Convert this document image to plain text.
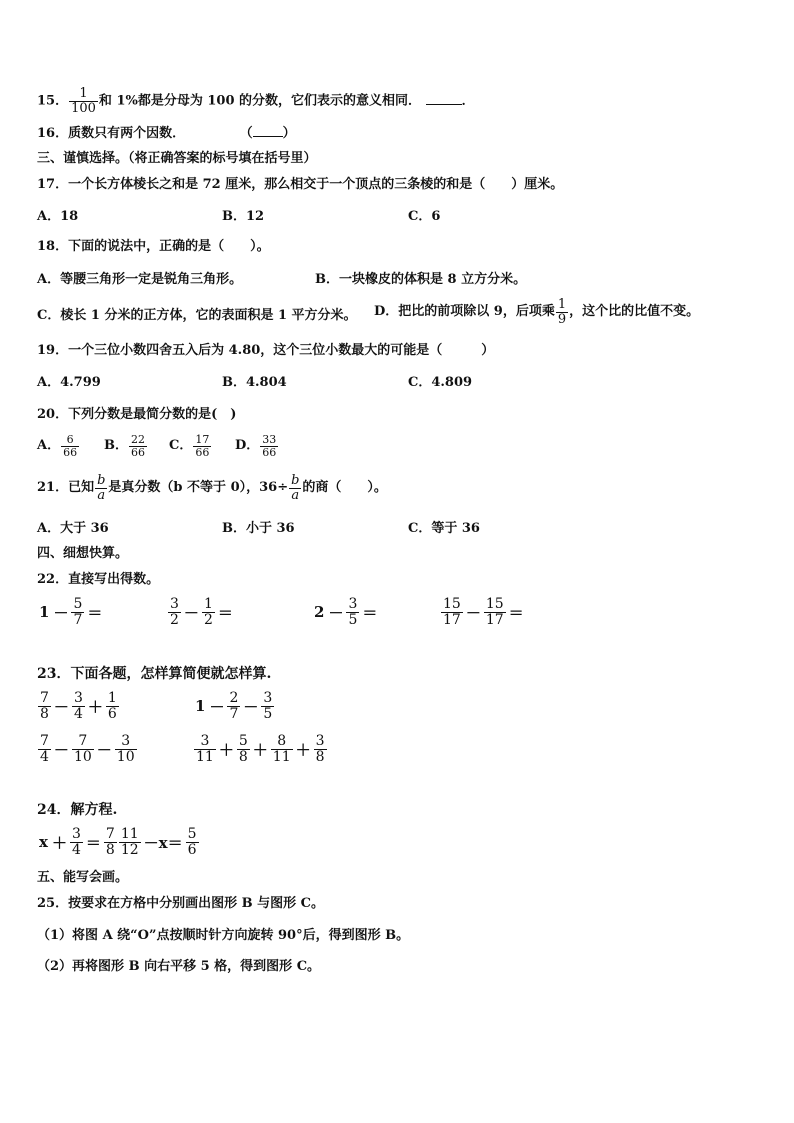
15． $\frac{1}{100}$ 和 1%都是分母为 100 的分数，它们表示的意义相同．	．
16．质数只有两个因数．	（ ）
三、谨慎选择。（将正确答案的标号填在括号里）
17．一个长方体棱长之和是 72 厘米，那么相交于一个顶点的三条棱的和是（　　）厘米。
A．18	B．12	C．6
18．下面的说法中，正确的是（　　）。
A．等腰三角形一定是锐角三角形。	B．一块橡皮的体积是 8 立方分米。
C．棱长 1 分米的正方体，它的表面积是 1 平方分米。 D．把比的前项除以 9，后项乘 $\frac{1}{9}$ ，这个比的比值不变。
19．一个三位小数四舍五入后为 4.80，这个三位小数最大的可能是（　　　）
A．4.799	B．4.804	C．4.809
20．下列分数是最简分数的是(　)
A． $\frac{6}{66}$ B． $\frac{22}{66}$ C． $\frac{17}{66}$ D． $\frac{33}{66}$
21．已知 $\frac{b}{a}$ 是真分数（b 不等于 0），$36\div \frac{b}{a}$ 的商（　　）。
A．大于 36	B．小于 36	C．等于 36
四、细想快算。
22．直接写出得数。
$1 - \frac{5}{7}$ ＝	$\frac{3}{2} - \frac{1}{2}$ ＝	$2 - \frac{3}{5}$ ＝	$\frac{15}{17} - \frac{15}{17}$ ＝
23．下面各题，怎样算简便就怎样算.
$\frac{7}{8} - \frac{3}{4} + \frac{1}{6}$	$1 - \frac{2}{7} - \frac{3}{5}$
$\frac{7}{4} - \frac{7}{10} - \frac{3}{10}$	$\frac{3}{11} + \frac{5}{8} + \frac{8}{11} + \frac{3}{8}$
24．解方程.
$x + \frac{3}{4} = \frac{7}{8} \frac{11}{12} -x= \frac{5}{6}$
五、能写会画。
25．按要求在方格中分别画出图形 B 与图形 C。
（1）将图 A 绕“O”点按顺时针方向旋转 90°后，得到图形 B。
（2）再将图形 B 向右平移 5 格，得到图形 C。
